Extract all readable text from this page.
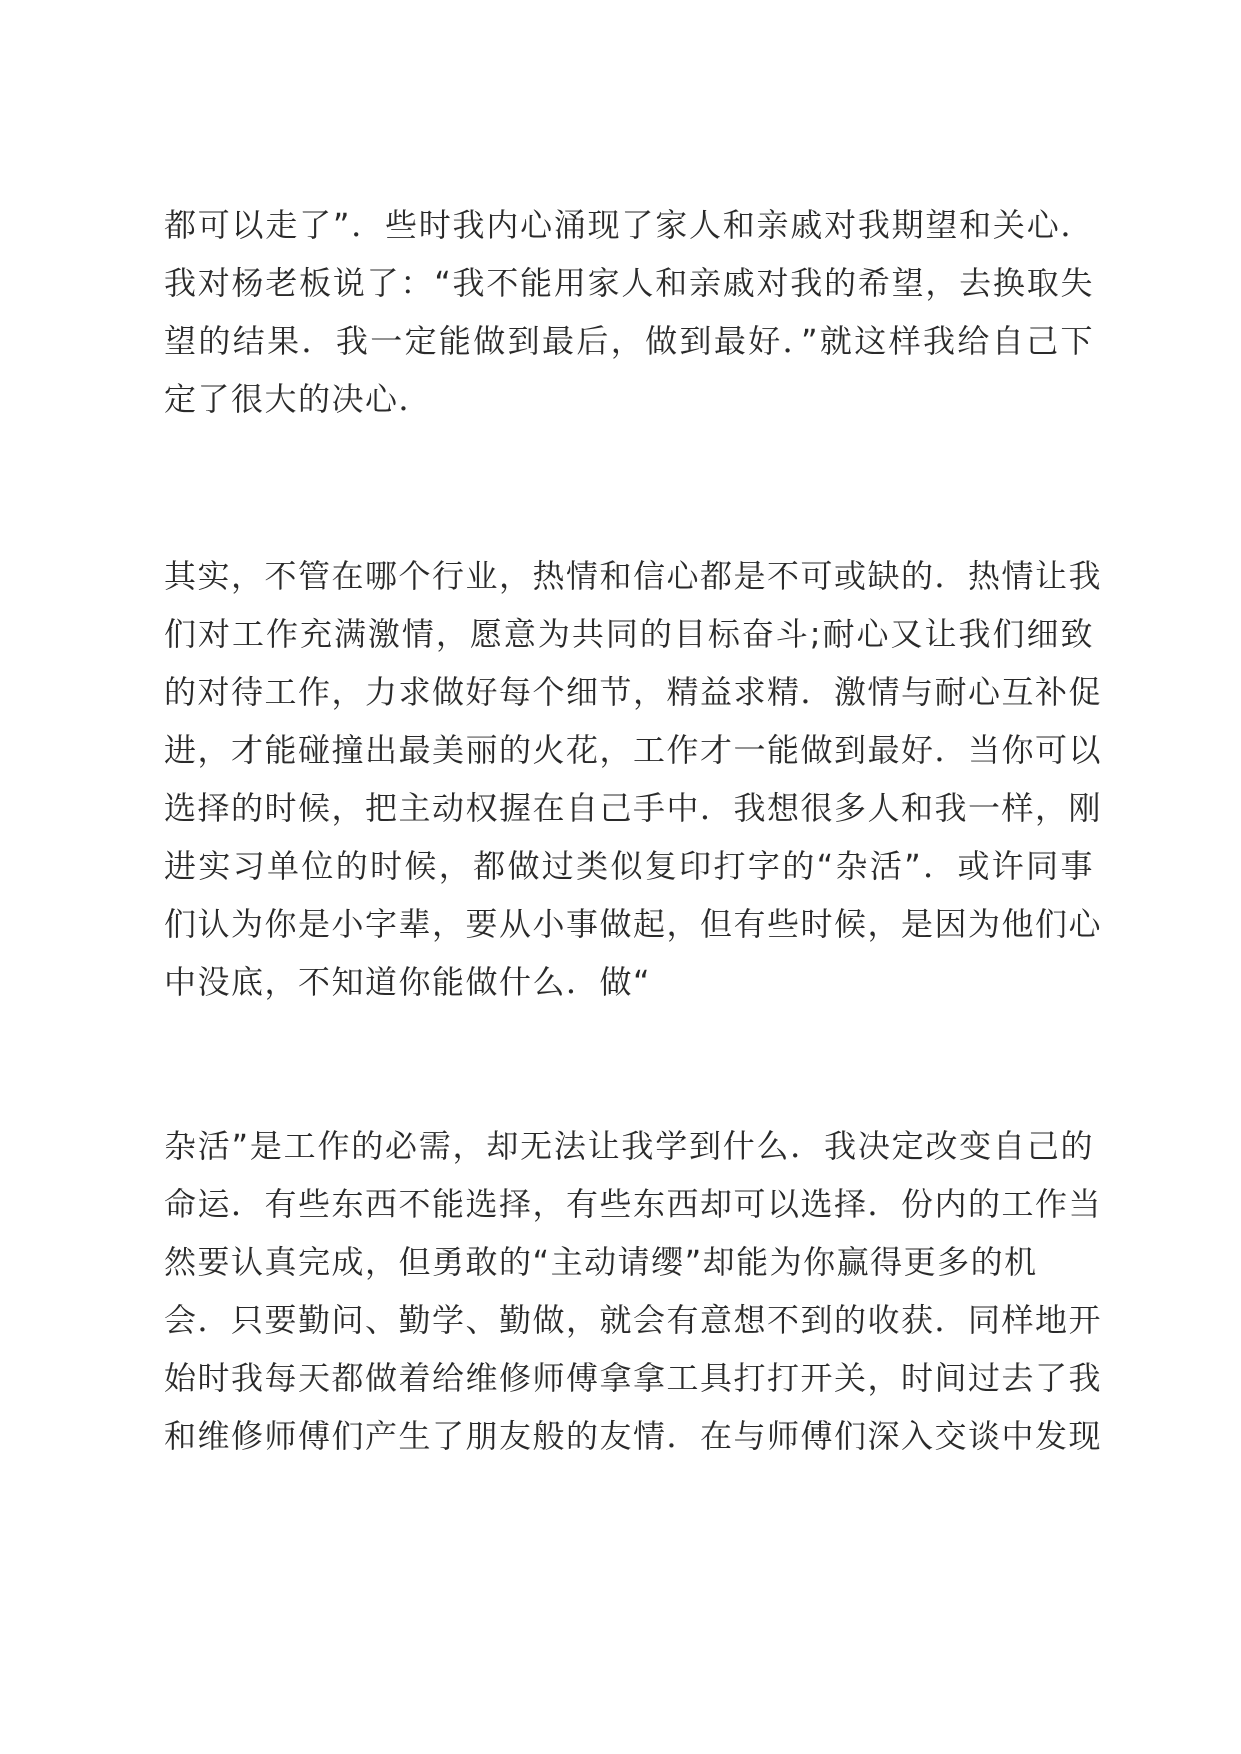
都可以走了”．些时我内心涌现了家人和亲戚对我期望和关心．
我对杨老板说了：“我不能用家人和亲戚对我的希望，去换取失
望的结果．我一定能做到最后，做到最好．”就这样我给自己下
定了很大的决心．
其实，不管在哪个行业，热情和信心都是不可或缺的．热情让我
们对工作充满激情，愿意为共同的目标奋斗;耐心又让我们细致
的对待工作，力求做好每个细节，精益求精．激情与耐心互补促
进，才能碰撞出最美丽的火花，工作才一能做到最好．当你可以
选择的时候，把主动权握在自己手中．我想很多人和我一样，刚
进实习单位的时候，都做过类似复印打字的“杂活”．或许同事
们认为你是小字辈，要从小事做起，但有些时候，是因为他们心
中没底，不知道你能做什么．做“
杂活”是工作的必需，却无法让我学到什么．我决定改变自己的
命运．有些东西不能选择，有些东西却可以选择．份内的工作当
然要认真完成，但勇敢的“主动请缨”却能为你赢得更多的机
会．只要勤问、勤学、勤做，就会有意想不到的收获．同样地开
始时我每天都做着给维修师傅拿拿工具打打开关，时间过去了我
和维修师傅们产生了朋友般的友情．在与师傅们深入交谈中发现
